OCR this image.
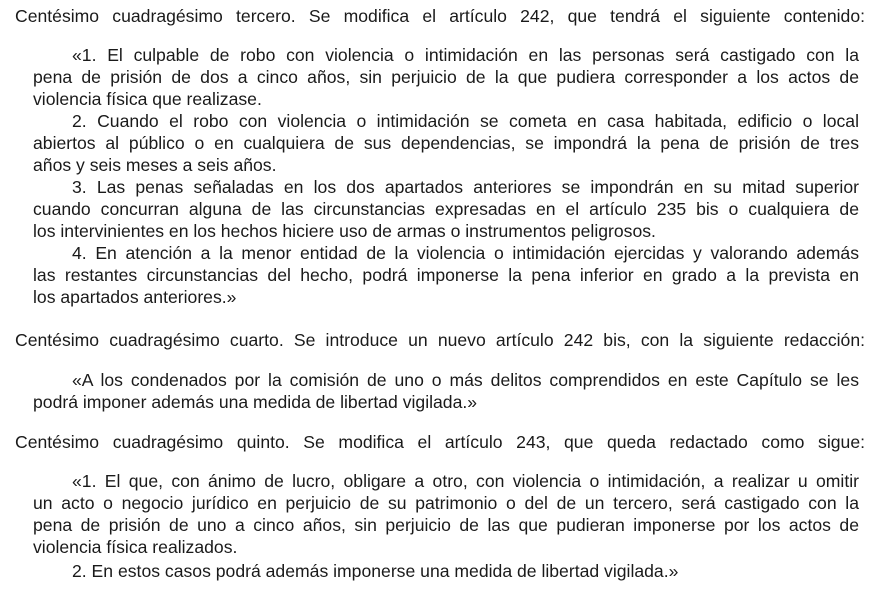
Centésimo cuadragésimo tercero. Se modifica el artículo 242, que tendrá el siguiente contenido:
«1. El culpable de robo con violencia o intimidación en las personas será castigado con la
pena de prisión de dos a cinco años, sin perjuicio de la que pudiera corresponder a los actos de
violencia física que realizase.
2. Cuando el robo con violencia o intimidación se cometa en casa habitada, edificio o local
abiertos al público o en cualquiera de sus dependencias, se impondrá la pena de prisión de tres
años y seis meses a seis años.
3. Las penas señaladas en los dos apartados anteriores se impondrán en su mitad superior
cuando concurran alguna de las circunstancias expresadas en el artículo 235 bis o cualquiera de
los intervinientes en los hechos hiciere uso de armas o instrumentos peligrosos.
4. En atención a la menor entidad de la violencia o intimidación ejercidas y valorando además
las restantes circunstancias del hecho, podrá imponerse la pena inferior en grado a la prevista en
los apartados anteriores.»
Centésimo cuadragésimo cuarto. Se introduce un nuevo artículo 242 bis, con la siguiente redacción:
«A los condenados por la comisión de uno o más delitos comprendidos en este Capítulo se les
podrá imponer además una medida de libertad vigilada.»
Centésimo cuadragésimo quinto. Se modifica el artículo 243, que queda redactado como sigue:
«1. El que, con ánimo de lucro, obligare a otro, con violencia o intimidación, a realizar u omitir
un acto o negocio jurídico en perjuicio de su patrimonio o del de un tercero, será castigado con la
pena de prisión de uno a cinco años, sin perjuicio de las que pudieran imponerse por los actos de
violencia física realizados.
2. En estos casos podrá además imponerse una medida de libertad vigilada.»
